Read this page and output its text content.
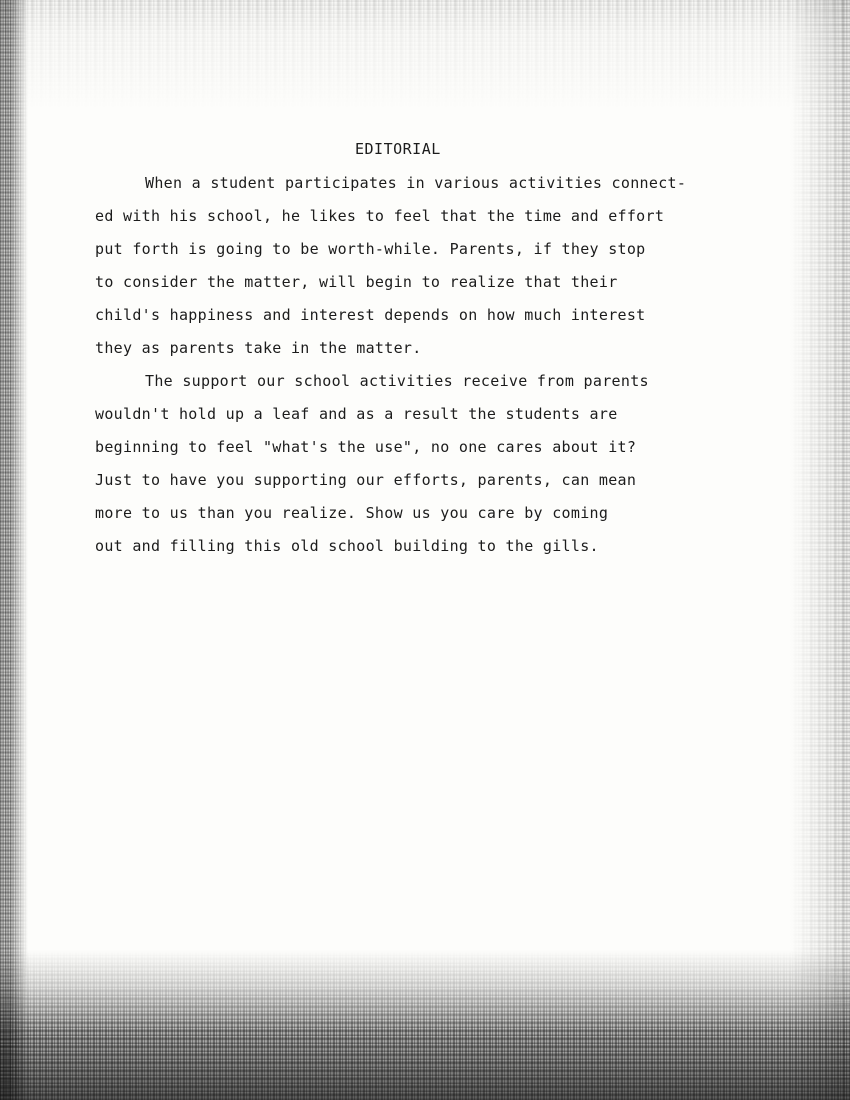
EDITORIAL
When a student participates in various activities connect-
ed with his school, he likes to feel that the time and effort
put forth is going to be worth-while. Parents, if they stop
to consider the matter, will begin to realize that their
child's happiness and interest depends on how much interest
they as parents take in the matter.
The support our school activities receive from parents
wouldn't hold up a leaf and as a result the students are
beginning to feel "what's the use", no one cares about it?
Just to have you supporting our efforts, parents, can mean
more to us than you realize. Show us you care by coming
out and filling this old school building to the gills.
